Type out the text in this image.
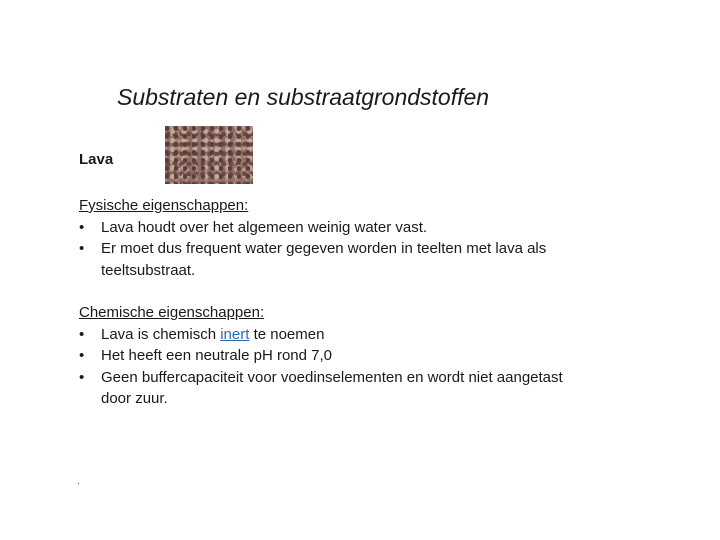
Substraten en substraatgrondstoffen
Lava
Fysische eigenschappen:
• Lava houdt over het algemeen weinig water vast.
• Er moet dus frequent water gegeven worden in teelten met lava als teeltsubstraat.
Chemische eigenschappen:
• Lava is chemisch inert te noemen
• Het heeft een neutrale pH rond 7,0
• Geen buffercapaciteit voor voedinselementen en wordt niet aangetast door zuur.
.
